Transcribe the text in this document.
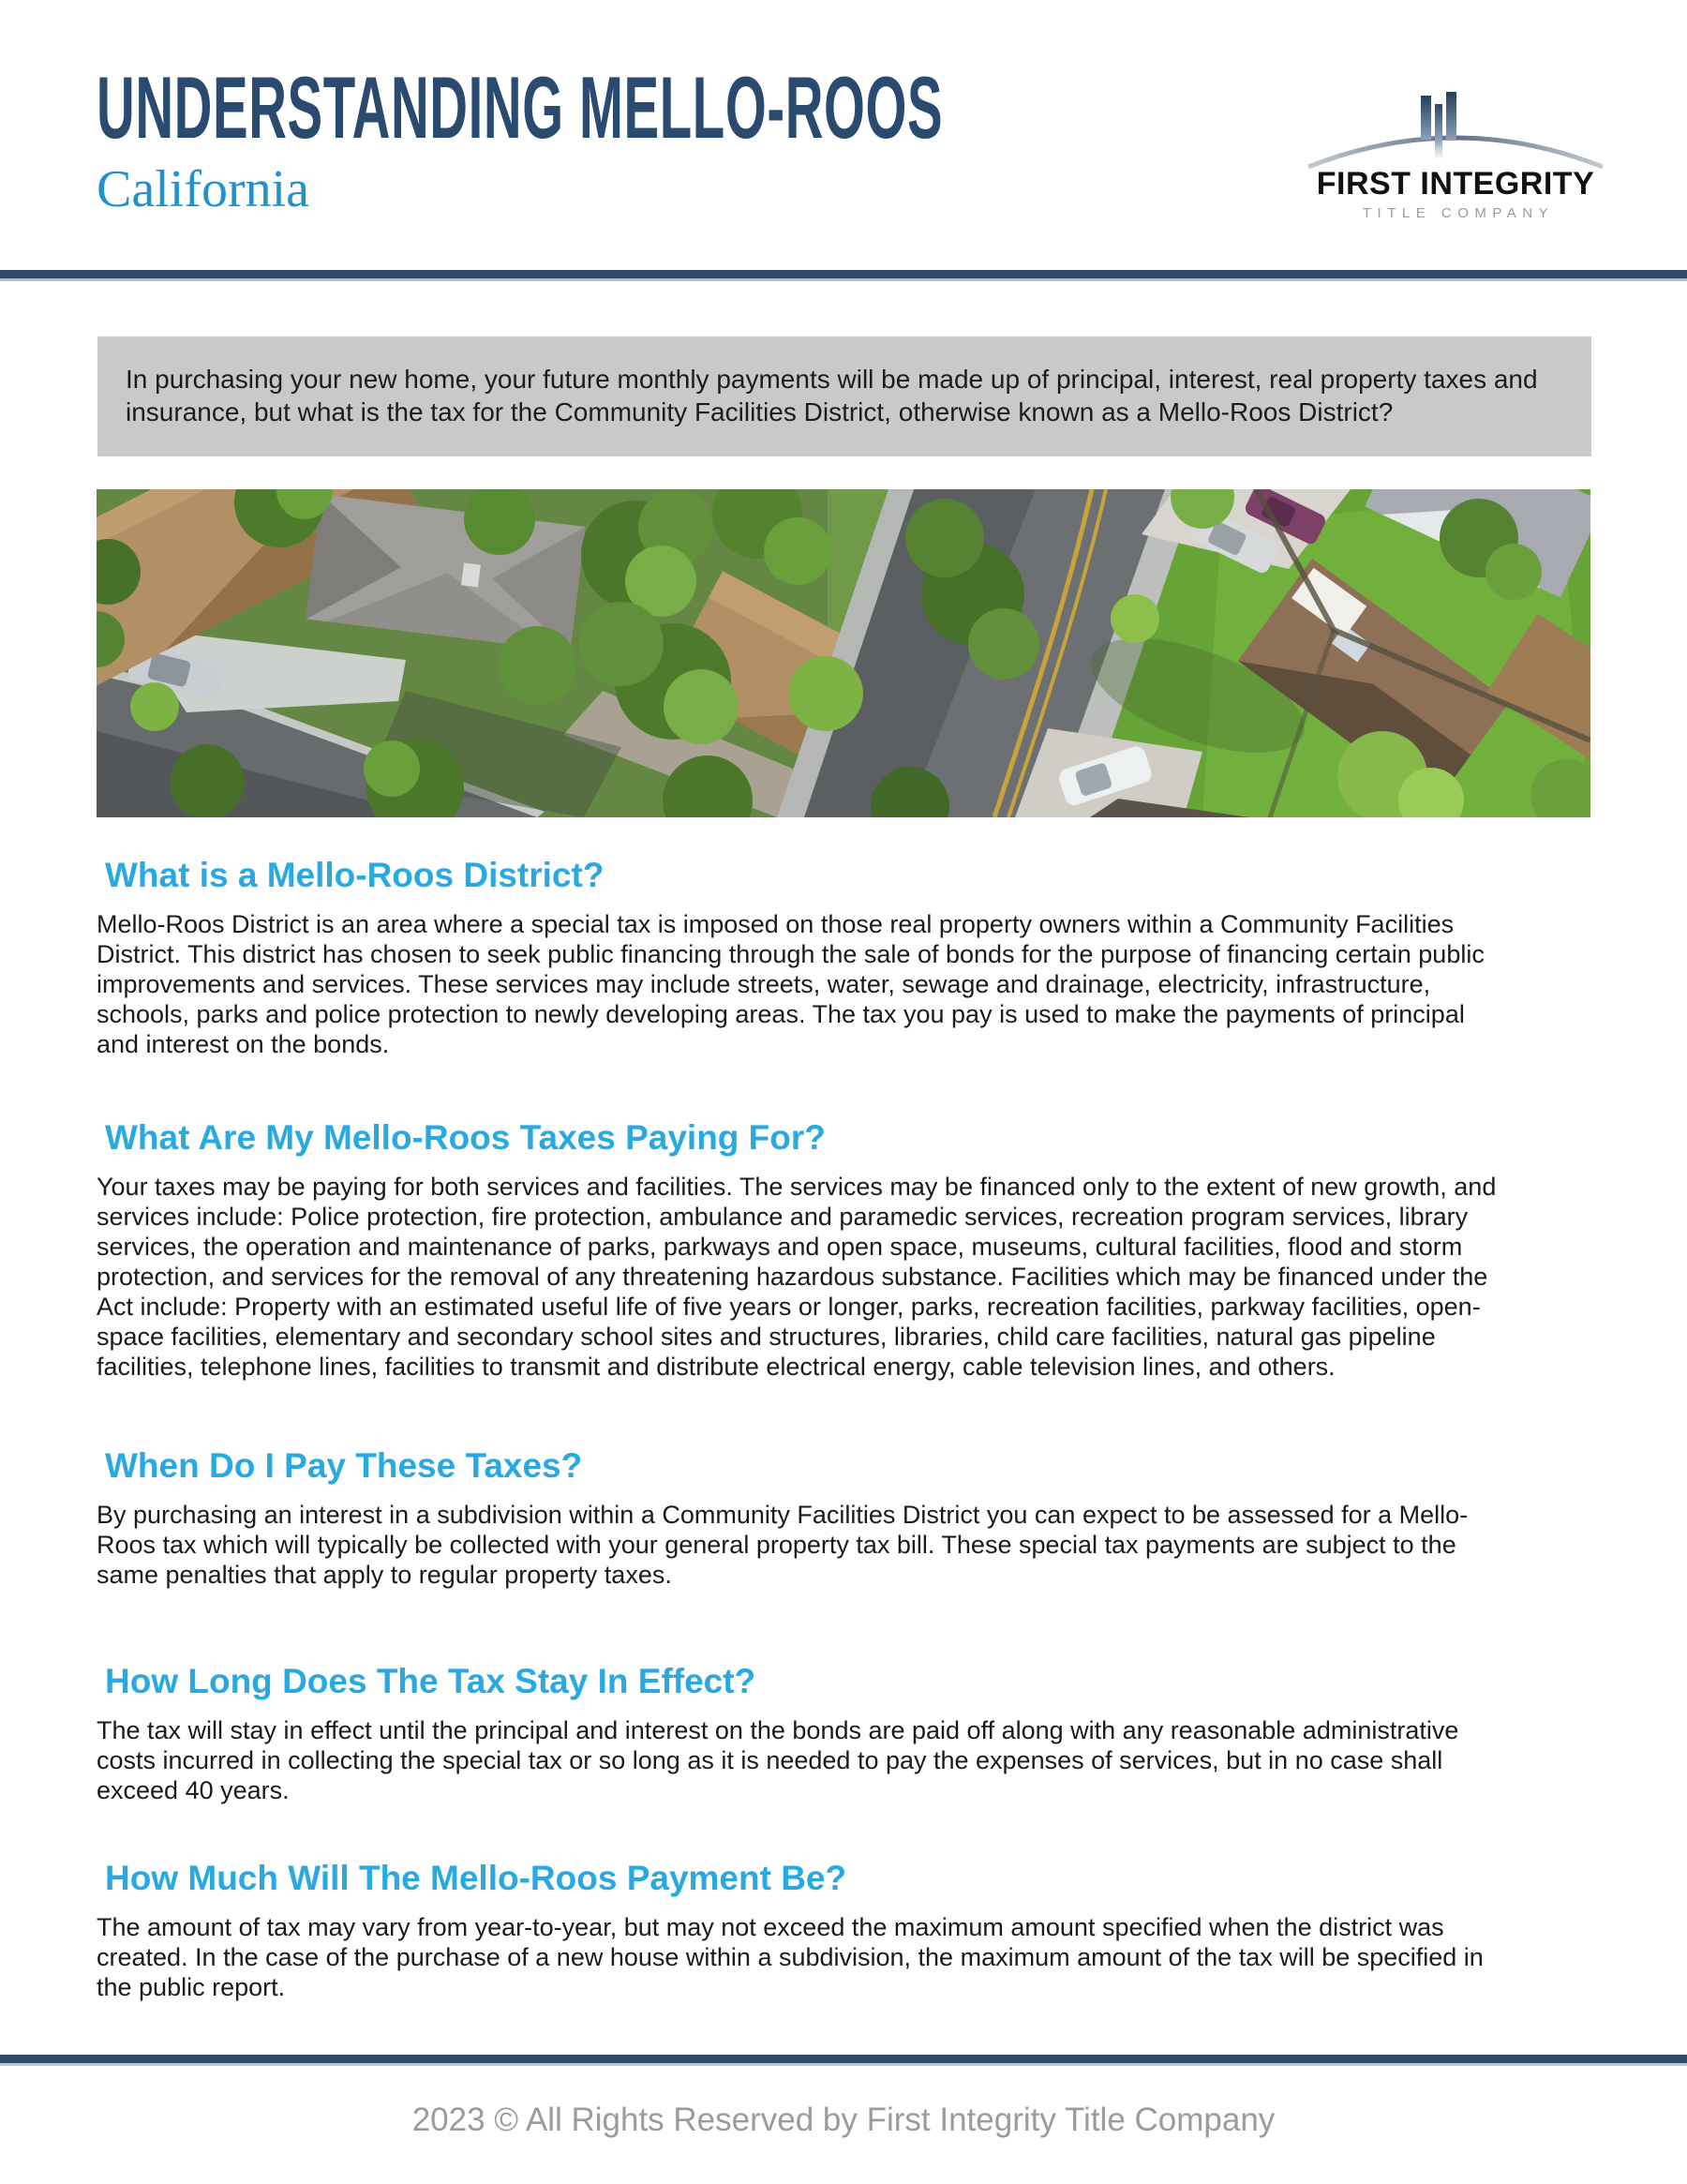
UNDERSTANDING MELLO-ROOS
California	FIRST INTEGRITY
TITLE COMPANY

In purchasing your new home, your future monthly payments will be made up of principal, interest, real property taxes and insurance, but what is the tax for the Community Facilities District, otherwise known as a Mello-Roos District?

What is a Mello-Roos District?

Mello-Roos District is an area where a special tax is imposed on those real property owners within a Community Facilities District. This district has chosen to seek public financing through the sale of bonds for the purpose of financing certain public improvements and services. These services may include streets, water, sewage and drainage, electricity, infrastructure, schools, parks and police protection to newly developing areas. The tax you pay is used to make the payments of principal and interest on the bonds.

What Are My Mello-Roos Taxes Paying For?

Your taxes may be paying for both services and facilities. The services may be financed only to the extent of new growth, and services include: Police protection, fire protection, ambulance and paramedic services, recreation program services, library services, the operation and maintenance of parks, parkways and open space, museums, cultural facilities, flood and storm protection, and services for the removal of any threatening hazardous substance. Facilities which may be financed under the Act include: Property with an estimated useful life of five years or longer, parks, recreation facilities, parkway facilities, open-space facilities, elementary and secondary school sites and structures, libraries, child care facilities, natural gas pipeline facilities, telephone lines, facilities to transmit and distribute electrical energy, cable television lines, and others.

When Do I Pay These Taxes?

By purchasing an interest in a subdivision within a Community Facilities District you can expect to be assessed for a Mello-Roos tax which will typically be collected with your general property tax bill. These special tax payments are subject to the same penalties that apply to regular property taxes.

How Long Does The Tax Stay In Effect?

The tax will stay in effect until the principal and interest on the bonds are paid off along with any reasonable administrative costs incurred in collecting the special tax or so long as it is needed to pay the expenses of services, but in no case shall exceed 40 years.

How Much Will The Mello-Roos Payment Be?

The amount of tax may vary from year-to-year, but may not exceed the maximum amount specified when the district was created. In the case of the purchase of a new house within a subdivision, the maximum amount of the tax will be specified in the public report.

2023 © All Rights Reserved by First Integrity Title Company
